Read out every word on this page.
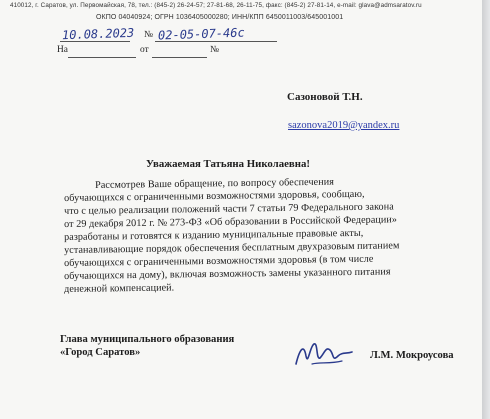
410012, г. Саратов, ул. Первомайская, 78, тел.: (845-2) 26-24-57; 27-81-68, 26-11-75, факс: (845-2) 27-81-14, e-mail: glava@admsaratov.ru
ОКПО 04040924; ОГРН 1036405000280; ИНН/КПП 6450011003/645001001
10.08.2023 № 02-05-07-46с
На	от	№
Сазоновой Т.Н.
sazonova2019@yandex.ru
Уважаемая Татьяна Николаевна!
Рассмотрев Ваше обращение, по вопросу обеспечения
обучающихся с ограниченными возможностями здоровья, сообщаю,
что с целью реализации положений части 7 статьи 79 Федерального закона
от 29 декабря 2012 г. № 273-ФЗ «Об образовании в Российской Федерации»
разработаны и готовятся к изданию муниципальные правовые акты,
устанавливающие порядок обеспечения бесплатным двухразовым питанием
обучающихся с ограниченными возможностями здоровья (в том числе
обучающихся на дому), включая возможность замены указанного питания
денежной компенсацией.
Глава муниципального образования
«Город Саратов»	Л.М. Мокроусова
